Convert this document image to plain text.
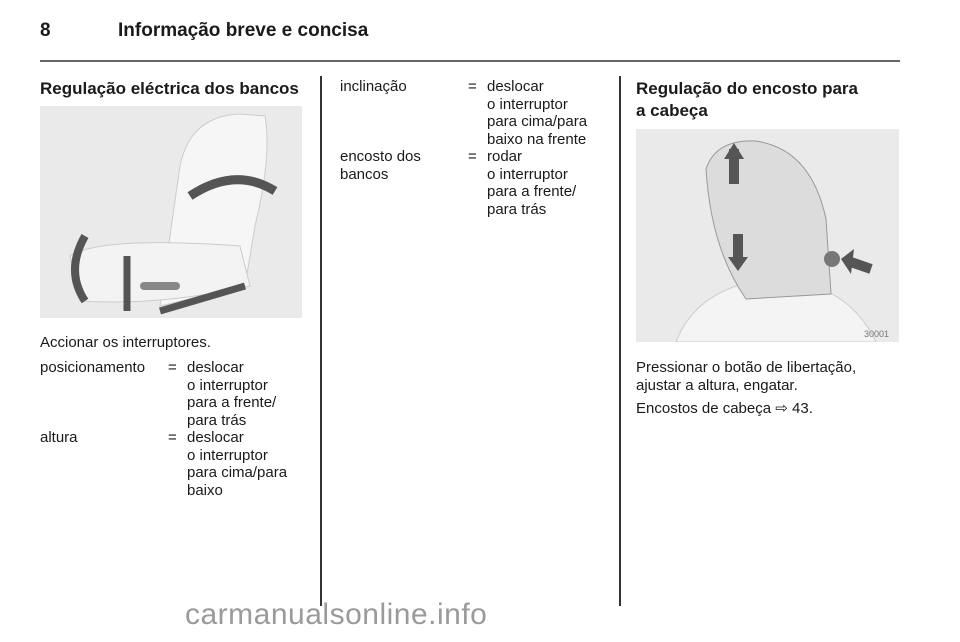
8	Informação breve e concisa
Regulação eléctrica dos bancos
Accionar os interruptores.
posicionamento = deslocar
o interruptor
para a frente/
para trás
altura	= deslocar
o interruptor
para cima/para
baixo
inclinação	= deslocar
o interruptor
para cima/para
baixo na frente
encosto dos
bancos
= rodar
o interruptor
para a frente/
para trás
Regulação do encosto para
a cabeça
30001
Pressionar o botão de libertação, ajustar a altura, engatar.
Encostos de cabeça ⇨ 43.
carmanualsonline.info
